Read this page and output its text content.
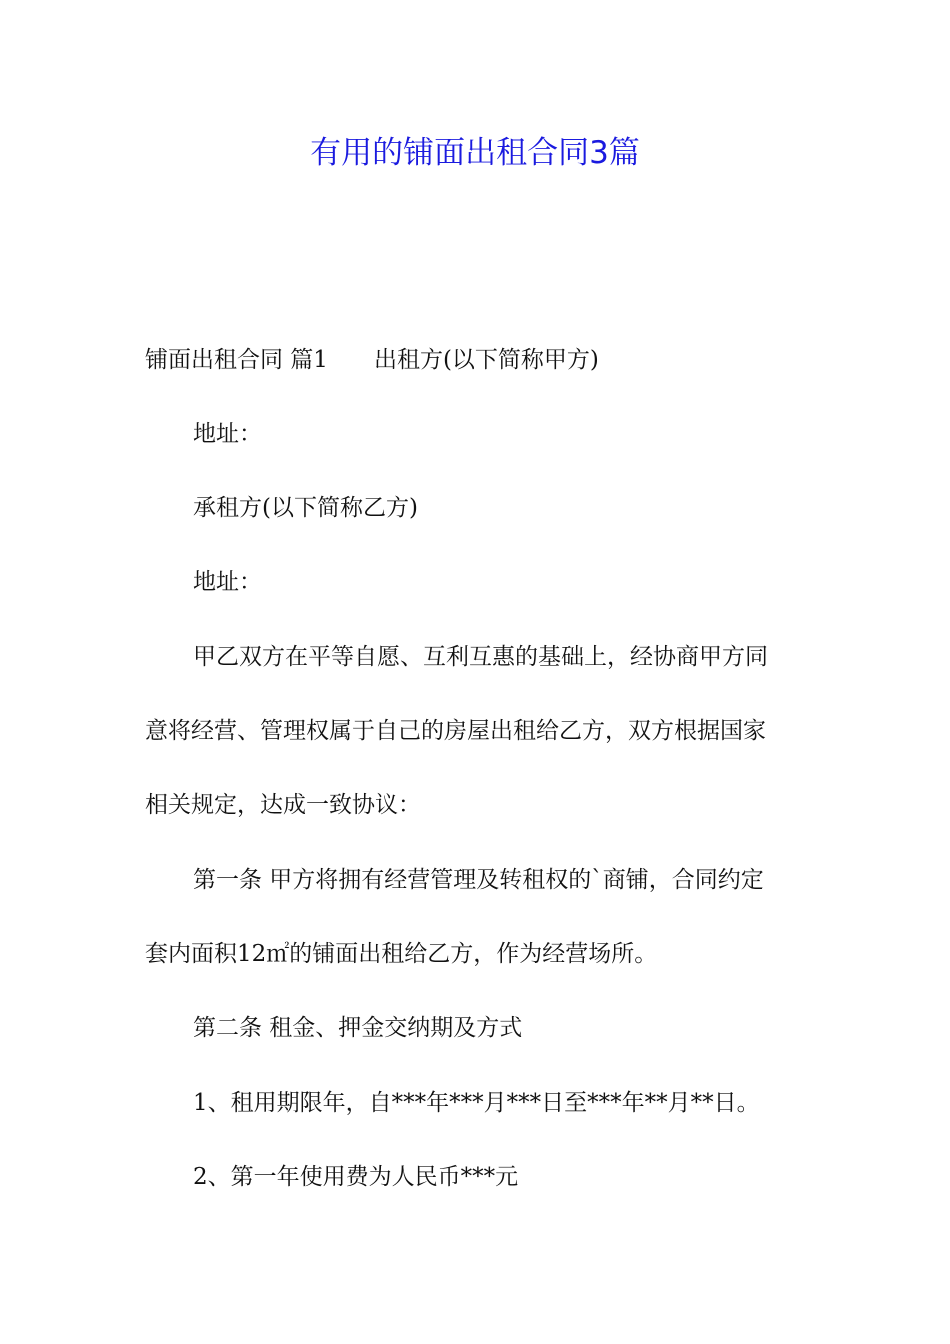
有用的铺面出租合同3篇

铺面出租合同 篇1 出租方(以下简称甲方)

地址：

承租方(以下简称乙方)

地址：

甲乙双方在平等自愿、互利互惠的基础上，经协商甲方同

意将经营、管理权属于自己的房屋出租给乙方，双方根据国家

相关规定，达成一致协议：

第一条 甲方将拥有经营管理及转租权的`商铺，合同约定

套内面积12㎡的铺面出租给乙方，作为经营场所。

第二条 租金、押金交纳期及方式

1、租用期限年，自***年***月***日至***年**月**日。

2、第一年使用费为人民币***元
